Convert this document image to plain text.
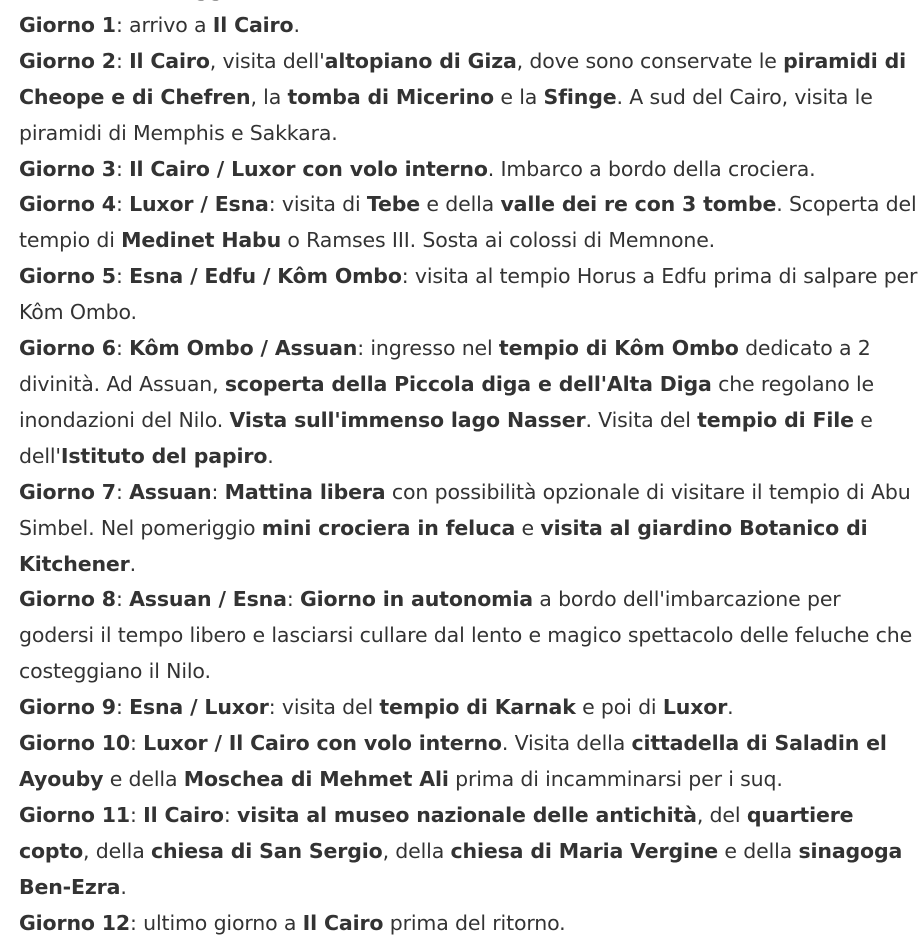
Giorno 1: arrivo a Il Cairo.

Giorno 2: Il Cairo, visita dell'altopiano di Giza, dove sono conservate le piramidi di Cheope e di Chefren, la tomba di Micerino e la Sfinge. A sud del Cairo, visita le piramidi di Memphis e Sakkara.

Giorno 3: Il Cairo / Luxor con volo interno. Imbarco a bordo della crociera.

Giorno 4: Luxor / Esna: visita di Tebe e della valle dei re con 3 tombe. Scoperta del tempio di Medinet Habu o Ramses III. Sosta ai colossi di Memnone.

Giorno 5: Esna / Edfu / Kôm Ombo: visita al tempio Horus a Edfu prima di salpare per Kôm Ombo.

Giorno 6: Kôm Ombo / Assuan: ingresso nel tempio di Kôm Ombo dedicato a 2 divinità. Ad Assuan, scoperta della Piccola diga e dell'Alta Diga che regolano le inondazioni del Nilo. Vista sull'immenso lago Nasser. Visita del tempio di File e dell'Istituto del papiro.

Giorno 7: Assuan: Mattina libera con possibilità opzionale di visitare il tempio di Abu Simbel. Nel pomeriggio mini crociera in feluca e visita al giardino Botanico di Kitchener.

Giorno 8: Assuan / Esna: Giorno in autonomia a bordo dell'imbarcazione per godersi il tempo libero e lasciarsi cullare dal lento e magico spettacolo delle feluche che costeggiano il Nilo.

Giorno 9: Esna / Luxor: visita del tempio di Karnak e poi di Luxor.

Giorno 10: Luxor / Il Cairo con volo interno. Visita della cittadella di Saladin el Ayouby e della Moschea di Mehmet Ali prima di incamminarsi per i suq.

Giorno 11: Il Cairo: visita al museo nazionale delle antichità, del quartiere copto, della chiesa di San Sergio, della chiesa di Maria Vergine e della sinagoga Ben-Ezra.

Giorno 12: ultimo giorno a Il Cairo prima del ritorno.
